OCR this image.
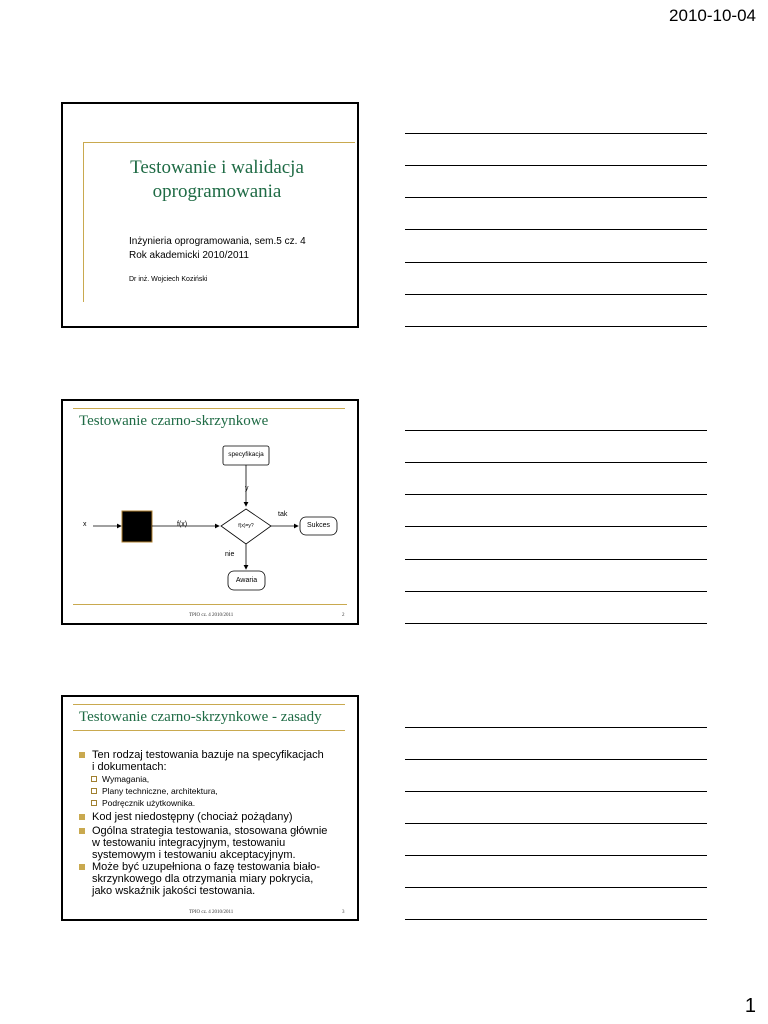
2010-10-04
Testowanie i walidacja
oprogramowania
Inżynieria oprogramowania, sem.5 cz. 4
Rok akademicki 2010/2011
Dr inż. Wojciech Koziński
Testowanie czarno-skrzynkowe
specyfikacja
y
x	f(x)	f(x)=y?
tak
Sukces
nie
Awaria
TPIO cz. 4 2010/2011	2
Testowanie czarno-skrzynkowe - zasady
Ten rodzaj testowania bazuje na specyfikacjach
i dokumentach:
Wymagania,
Plany techniczne, architektura,
Podręcznik użytkownika.
Kod jest niedostępny (chociaż pożądany)
Ogólna strategia testowania, stosowana głównie
w testowaniu integracyjnym, testowaniu
systemowym i testowaniu akceptacyjnym.
Może być uzupełniona o fazę testowania biało-
skrzynkowego dla otrzymania miary pokrycia,
jako wskaźnik jakości testowania.
TPIO cz. 4 2010/2011	3
1
